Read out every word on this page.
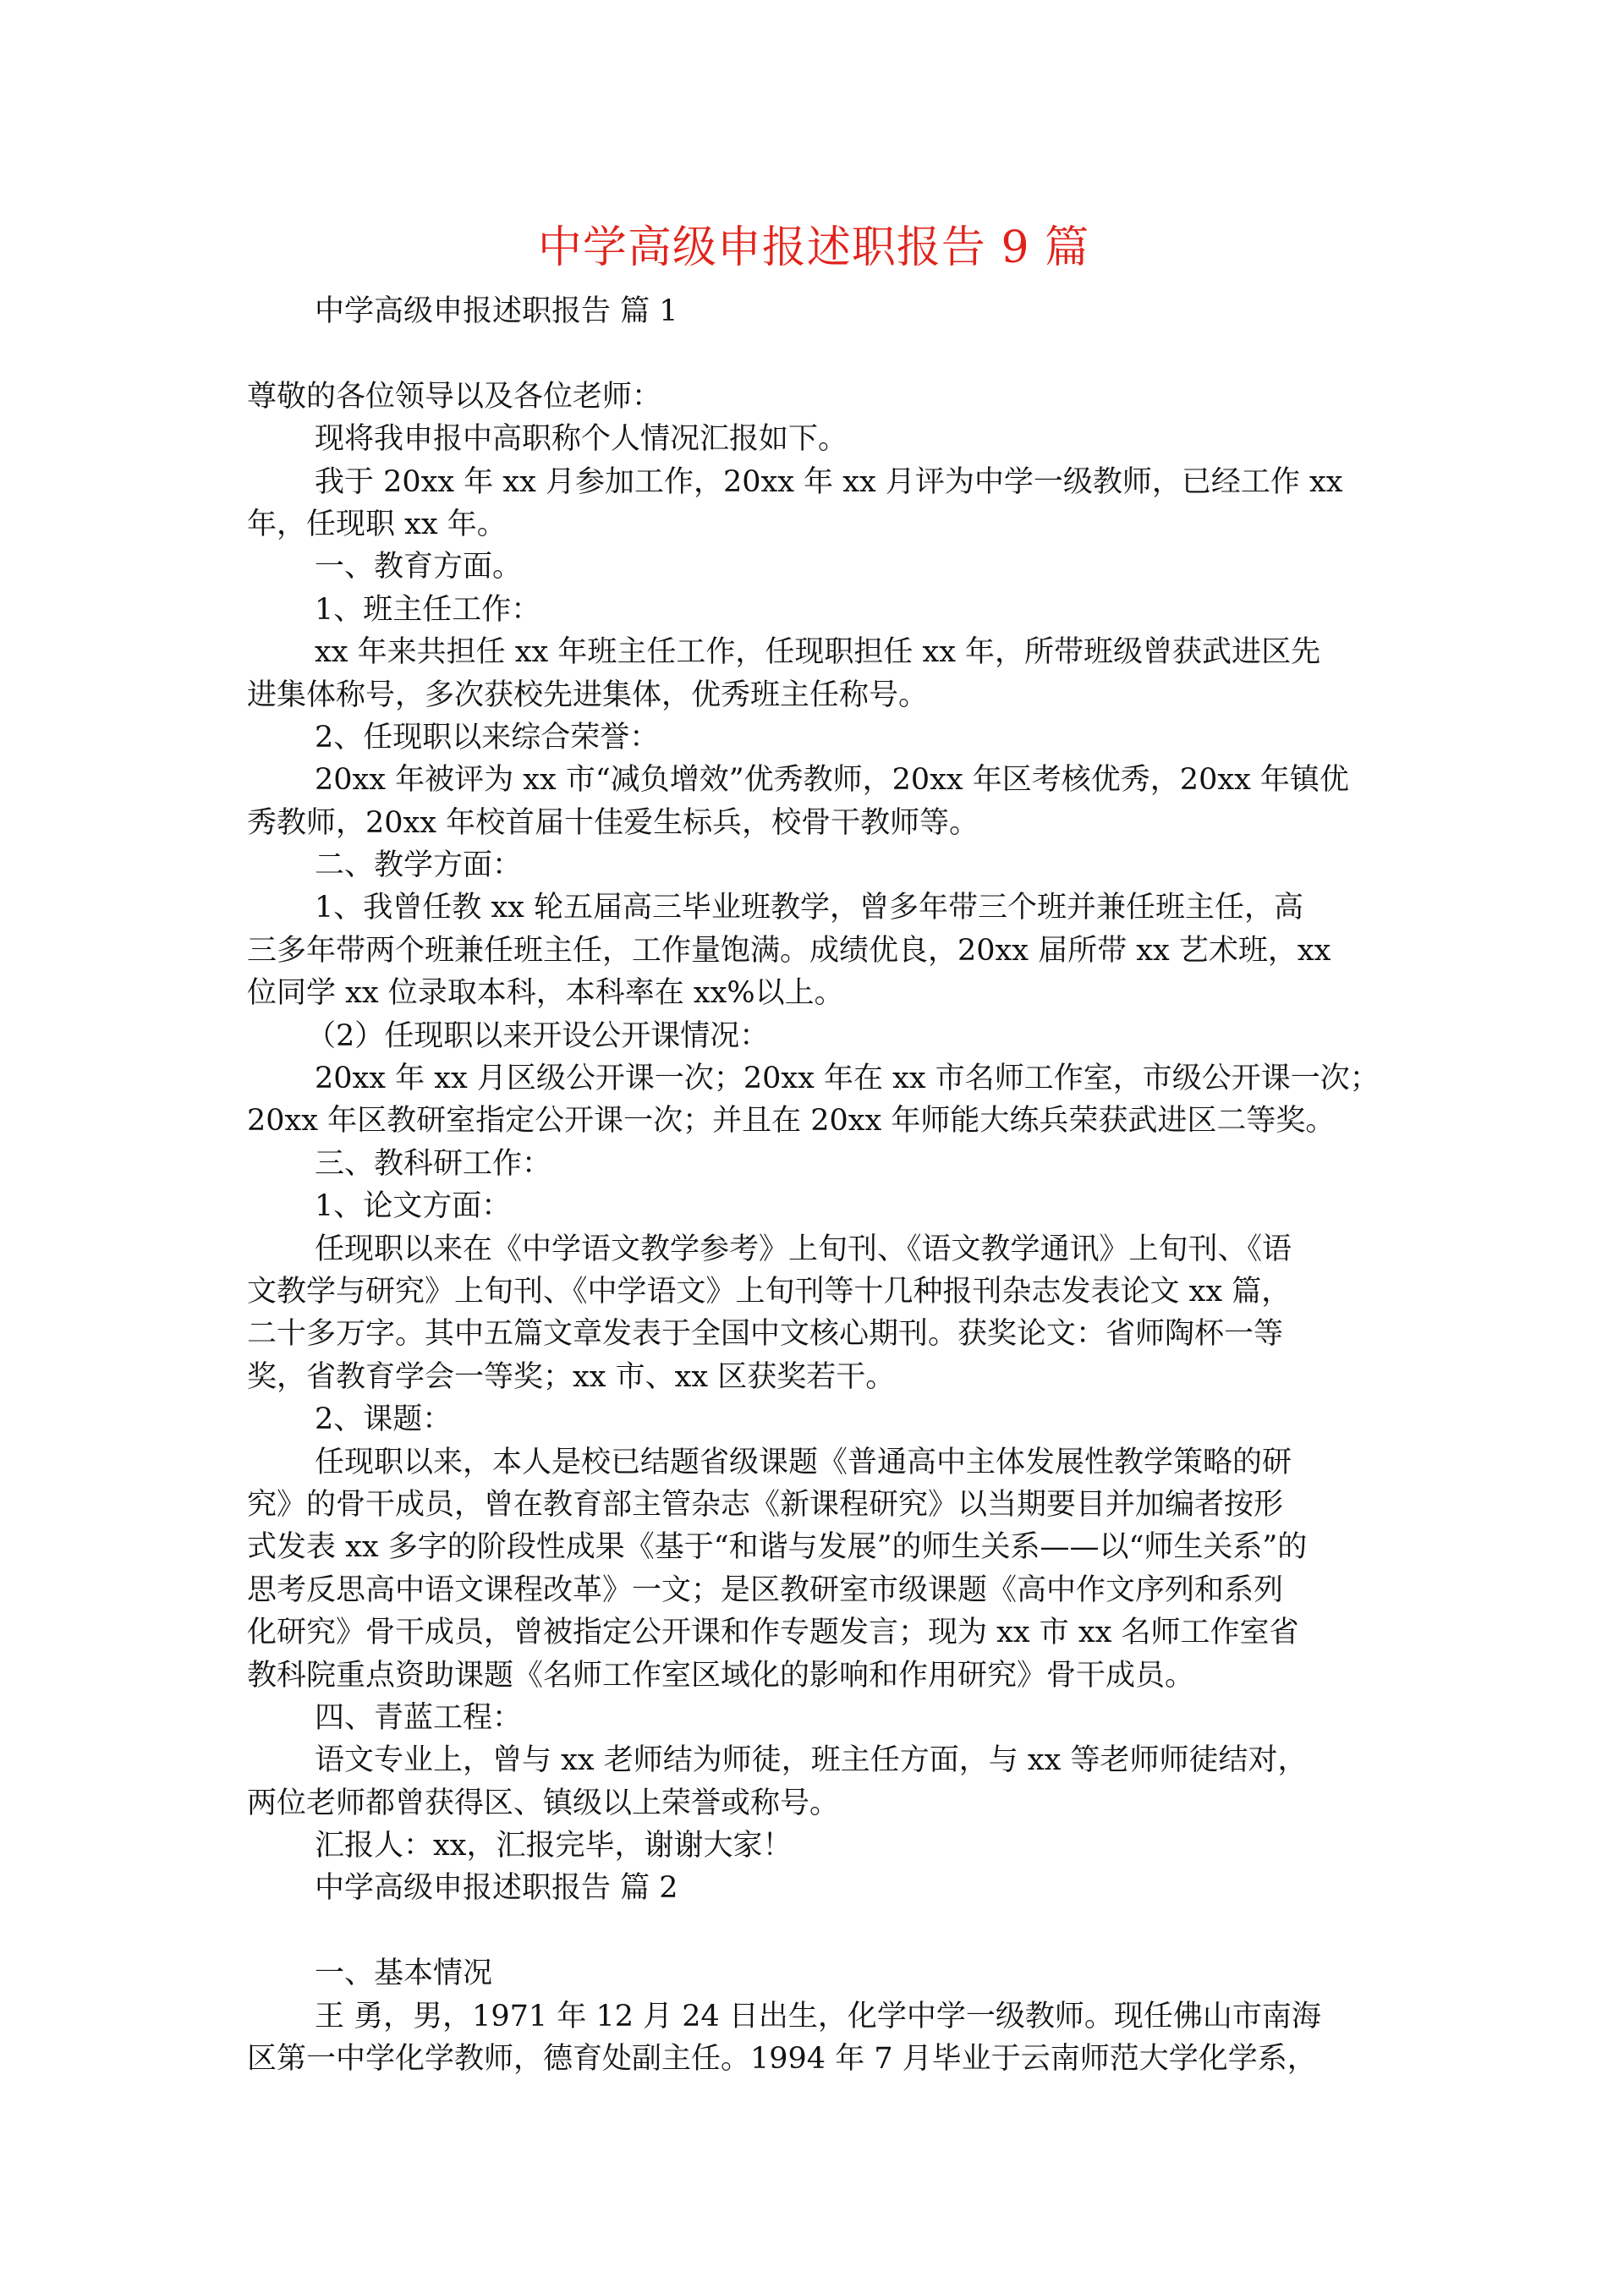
中学高级申报述职报告 9 篇
中学高级申报述职报告 篇 1
尊敬的各位领导以及各位老师：
现将我申报中高职称个人情况汇报如下。
我于 20xx 年 xx 月参加工作，20xx 年 xx 月评为中学一级教师，已经工作 xx
年，任现职 xx 年。
一、教育方面。
1、班主任工作：
xx 年来共担任 xx 年班主任工作，任现职担任 xx 年，所带班级曾获武进区先
进集体称号，多次获校先进集体，优秀班主任称号。
2、任现职以来综合荣誉：
20xx 年被评为 xx 市“减负增效”优秀教师，20xx 年区考核优秀，20xx 年镇优
秀教师，20xx 年校首届十佳爱生标兵，校骨干教师等。
二、教学方面：
1、我曾任教 xx 轮五届高三毕业班教学，曾多年带三个班并兼任班主任，高
三多年带两个班兼任班主任，工作量饱满。成绩优良，20xx 届所带 xx 艺术班，xx
位同学 xx 位录取本科，本科率在 xx%以上。
（2）任现职以来开设公开课情况：
20xx 年 xx 月区级公开课一次；20xx 年在 xx 市名师工作室，市级公开课一次；
20xx 年区教研室指定公开课一次；并且在 20xx 年师能大练兵荣获武进区二等奖。
三、教科研工作：
1、论文方面：
任现职以来在《中学语文教学参考》上旬刊、《语文教学通讯》上旬刊、《语
文教学与研究》上旬刊、《中学语文》上旬刊等十几种报刊杂志发表论文 xx 篇，
二十多万字。其中五篇文章发表于全国中文核心期刊。获奖论文：省师陶杯一等
奖，省教育学会一等奖；xx 市、xx 区获奖若干。
2、课题：
任现职以来，本人是校已结题省级课题《普通高中主体发展性教学策略的研
究》的骨干成员，曾在教育部主管杂志《新课程研究》以当期要目并加编者按形
式发表 xx 多字的阶段性成果《基于“和谐与发展”的师生关系——以“师生关系”的
思考反思高中语文课程改革》一文；是区教研室市级课题《高中作文序列和系列
化研究》骨干成员，曾被指定公开课和作专题发言；现为 xx 市 xx 名师工作室省
教科院重点资助课题《名师工作室区域化的影响和作用研究》骨干成员。
四、青蓝工程：
语文专业上，曾与 xx 老师结为师徒，班主任方面，与 xx 等老师师徒结对，
两位老师都曾获得区、镇级以上荣誉或称号。
汇报人：xx，汇报完毕，谢谢大家！
中学高级申报述职报告 篇 2
一、基本情况
王 勇，男，1971 年 12 月 24 日出生，化学中学一级教师。现任佛山市南海
区第一中学化学教师，德育处副主任。1994 年 7 月毕业于云南师范大学化学系，
